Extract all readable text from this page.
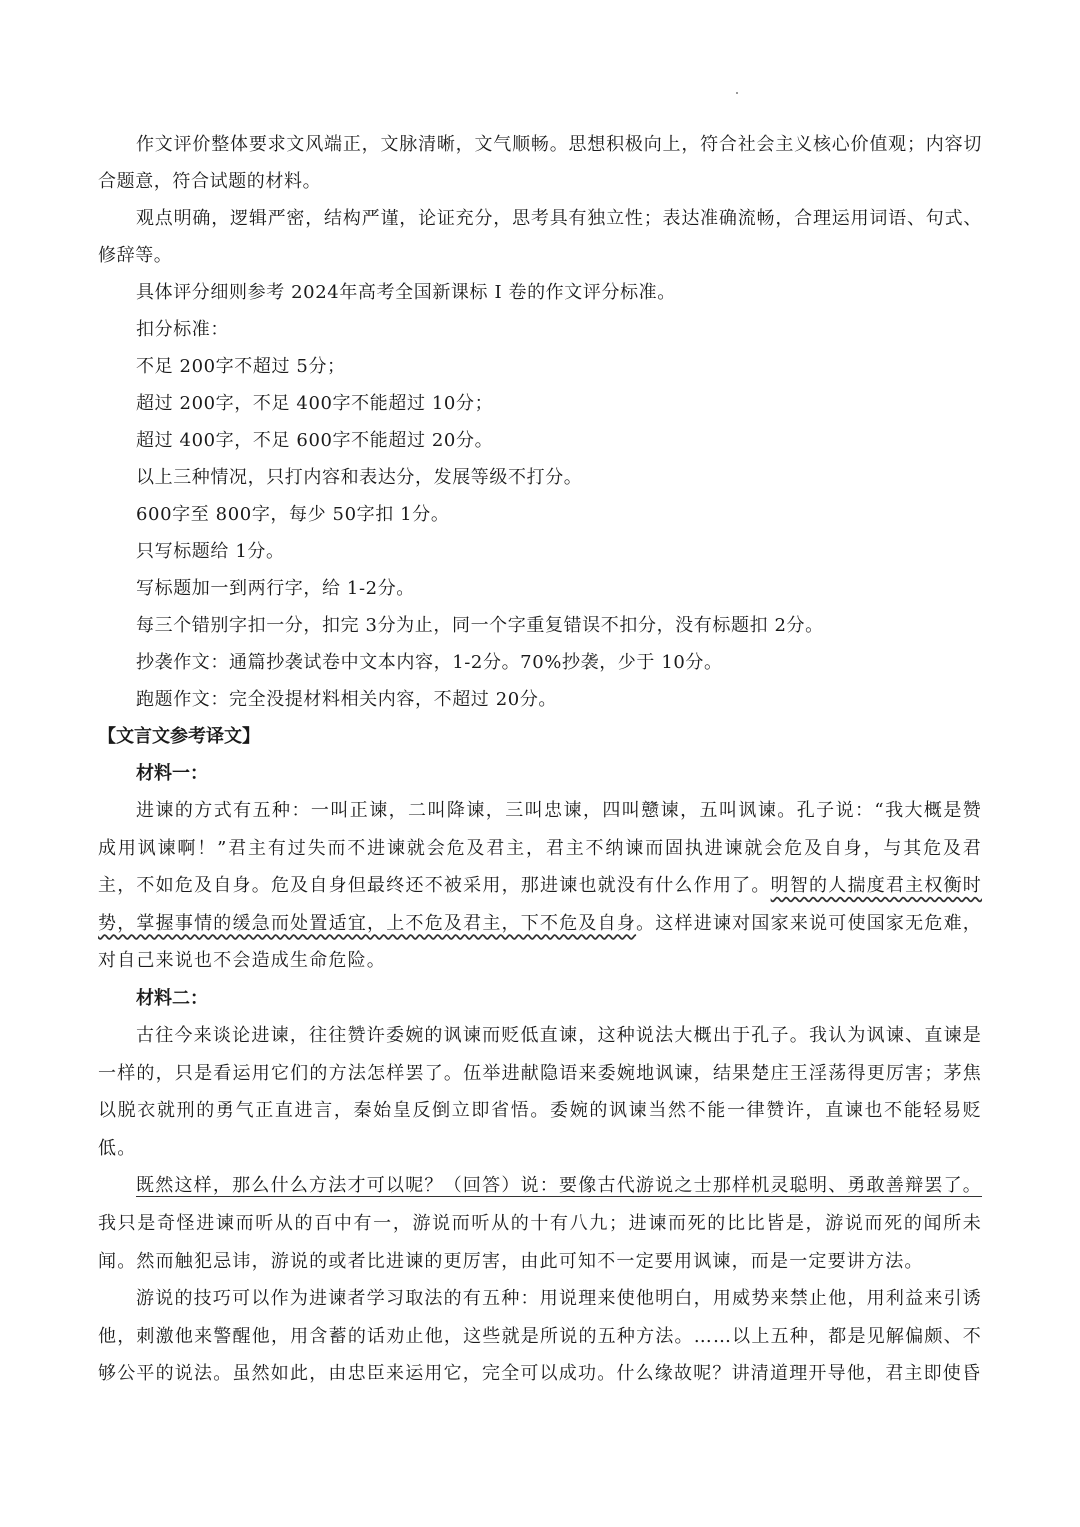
作文评价整体要求文风端正，文脉清晰，文气顺畅。思想积极向上，符合社会主义核心价值观；内容切合题意，符合试题的材料。

观点明确，逻辑严密，结构严谨，论证充分，思考具有独立性；表达准确流畅，合理运用词语、句式、修辞等。

具体评分细则参考 2024年高考全国新课标 I 卷的作文评分标准。

扣分标准：

不足 200字不超过 5分；

超过 200字，不足 400字不能超过 10分；

超过 400字，不足 600字不能超过 20分。

以上三种情况，只打内容和表达分，发展等级不打分。

600字至 800字，每少 50字扣 1分。

只写标题给 1分。

写标题加一到两行字，给 1-2分。

每三个错别字扣一分，扣完 3分为止，同一个字重复错误不扣分，没有标题扣 2分。

抄袭作文：通篇抄袭试卷中文本内容，1-2分。70%抄袭，少于 10分。

跑题作文：完全没提材料相关内容，不超过 20分。

【文言文参考译文】

材料一：

进谏的方式有五种：一叫正谏，二叫降谏，三叫忠谏，四叫戆谏，五叫讽谏。孔子说：“我大概是赞成用讽谏啊！”君主有过失而不进谏就会危及君主，君主不纳谏而固执进谏就会危及自身，与其危及君主，不如危及自身。危及自身但最终还不被采用，那进谏也就没有什么作用了。明智的人揣度君主权衡时势，掌握事情的缓急而处置适宜，上不危及君主，下不危及自身。这样进谏对国家来说可使国家无危难，对自己来说也不会造成生命危险。

材料二：

古往今来谈论进谏，往往赞许委婉的讽谏而贬低直谏，这种说法大概出于孔子。我认为讽谏、直谏是一样的，只是看运用它们的方法怎样罢了。伍举进献隐语来委婉地讽谏，结果楚庄王淫荡得更厉害；茅焦以脱衣就刑的勇气正直进言，秦始皇反倒立即省悟。委婉的讽谏当然不能一律赞许，直谏也不能轻易贬低。

既然这样，那么什么方法才可以呢？（回答）说：要像古代游说之士那样机灵聪明、勇敢善辩罢了。我只是奇怪进谏而听从的百中有一，游说而听从的十有八九；进谏而死的比比皆是，游说而死的闻所未闻。然而触犯忌讳，游说的或者比进谏的更厉害，由此可知不一定要用讽谏，而是一定要讲方法。

游说的技巧可以作为进谏者学习取法的有五种：用说理来使他明白，用威势来禁止他，用利益来引诱他，刺激他来警醒他，用含蓄的话劝止他，这些就是所说的五种方法。……以上五种，都是见解偏颇、不够公平的说法。虽然如此，由忠臣来运用它，完全可以成功。什么缘故呢？讲清道理开导他，君主即使昏
